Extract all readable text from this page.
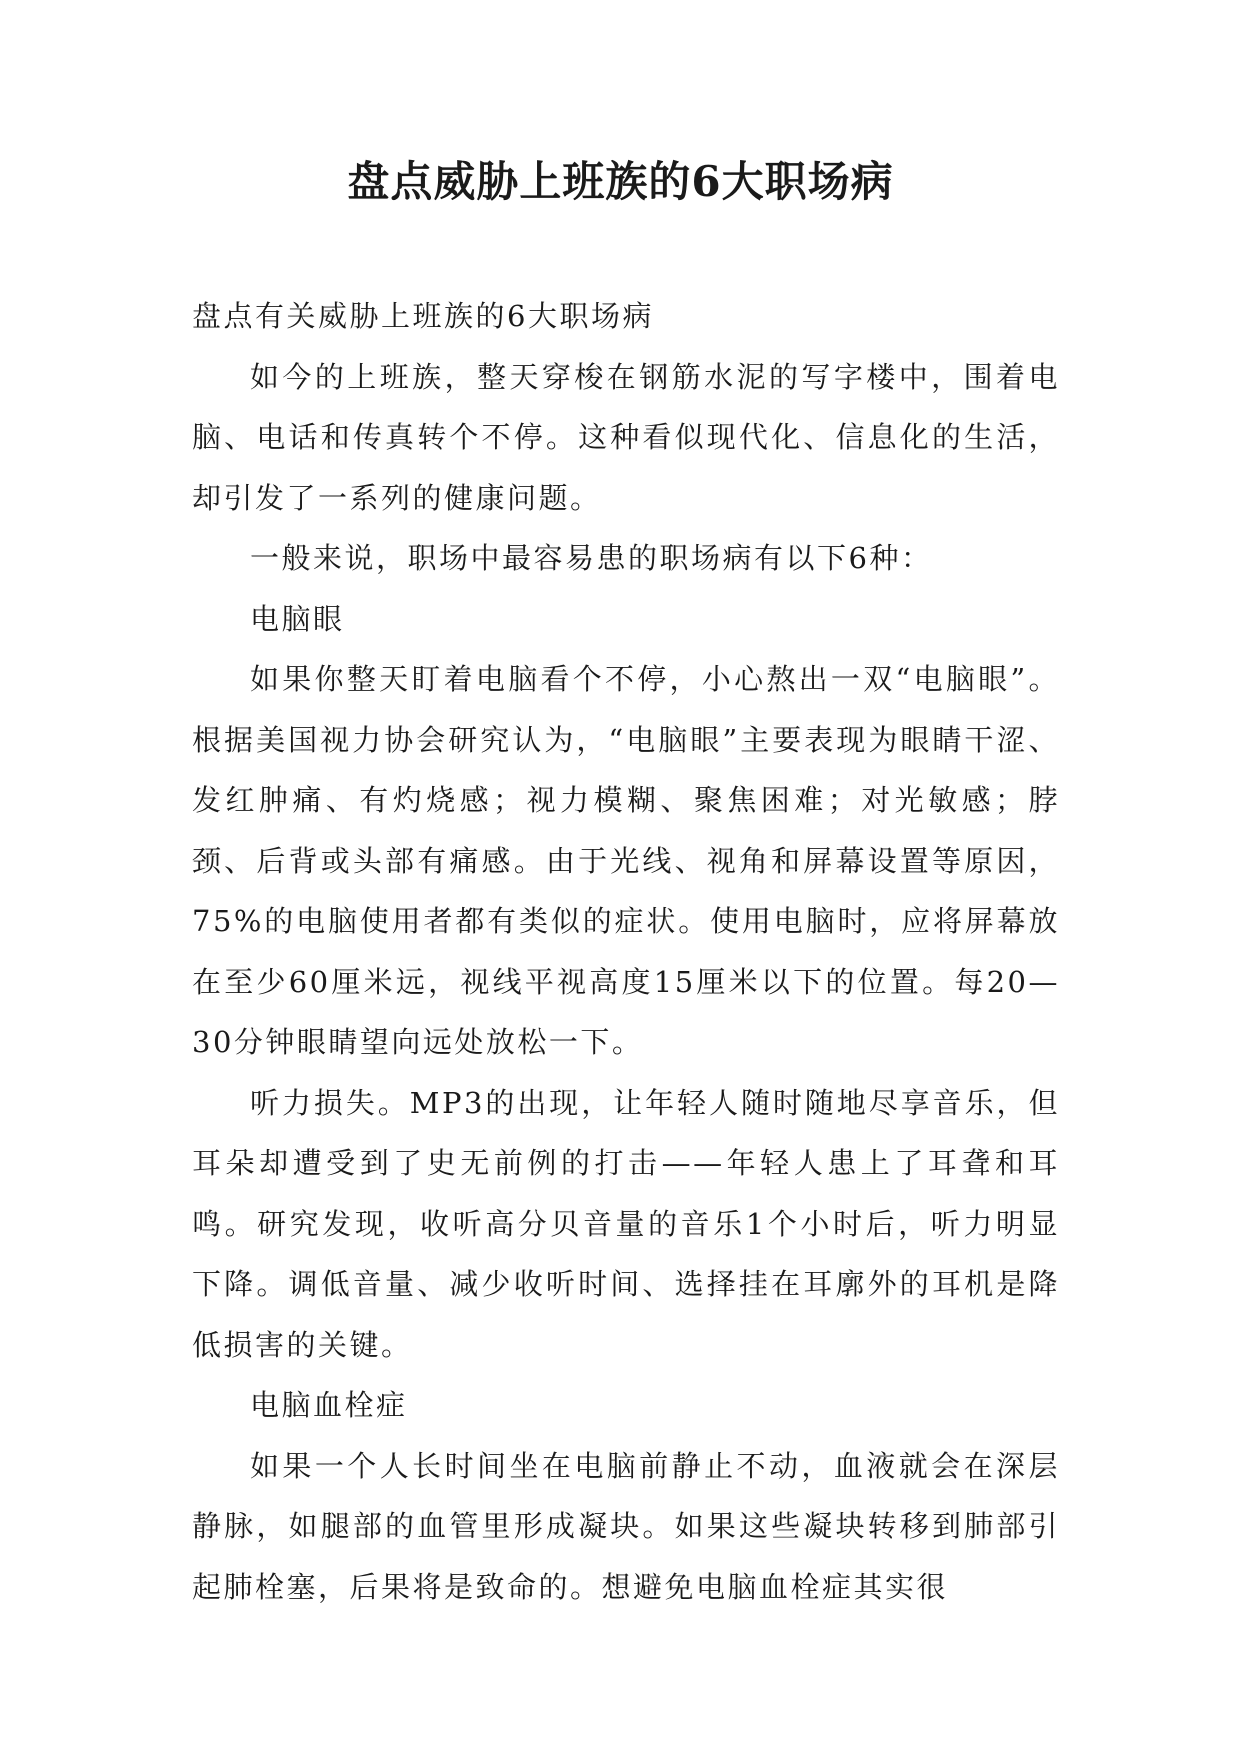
盘点威胁上班族的6大职场病

盘点有关威胁上班族的6大职场病

如今的上班族，整天穿梭在钢筋水泥的写字楼中，围着电脑、电话和传真转个不停。这种看似现代化、信息化的生活，却引发了一系列的健康问题。

一般来说，职场中最容易患的职场病有以下6种：

电脑眼

如果你整天盯着电脑看个不停，小心熬出一双“电脑眼”。根据美国视力协会研究认为，“电脑眼”主要表现为眼睛干涩、发红肿痛、有灼烧感；视力模糊、聚焦困难；对光敏感；脖颈、后背或头部有痛感。由于光线、视角和屏幕设置等原因，75%的电脑使用者都有类似的症状。使用电脑时，应将屏幕放在至少60厘米远，视线平视高度15厘米以下的位置。每20—30分钟眼睛望向远处放松一下。

听力损失。MP3的出现，让年轻人随时随地尽享音乐，但耳朵却遭受到了史无前例的打击——年轻人患上了耳聋和耳鸣。研究发现，收听高分贝音量的音乐1个小时后，听力明显下降。调低音量、减少收听时间、选择挂在耳廓外的耳机是降低损害的关键。

电脑血栓症

如果一个人长时间坐在电脑前静止不动，血液就会在深层静脉，如腿部的血管里形成凝块。如果这些凝块转移到肺部引起肺栓塞，后果将是致命的。想避免电脑血栓症其实很
